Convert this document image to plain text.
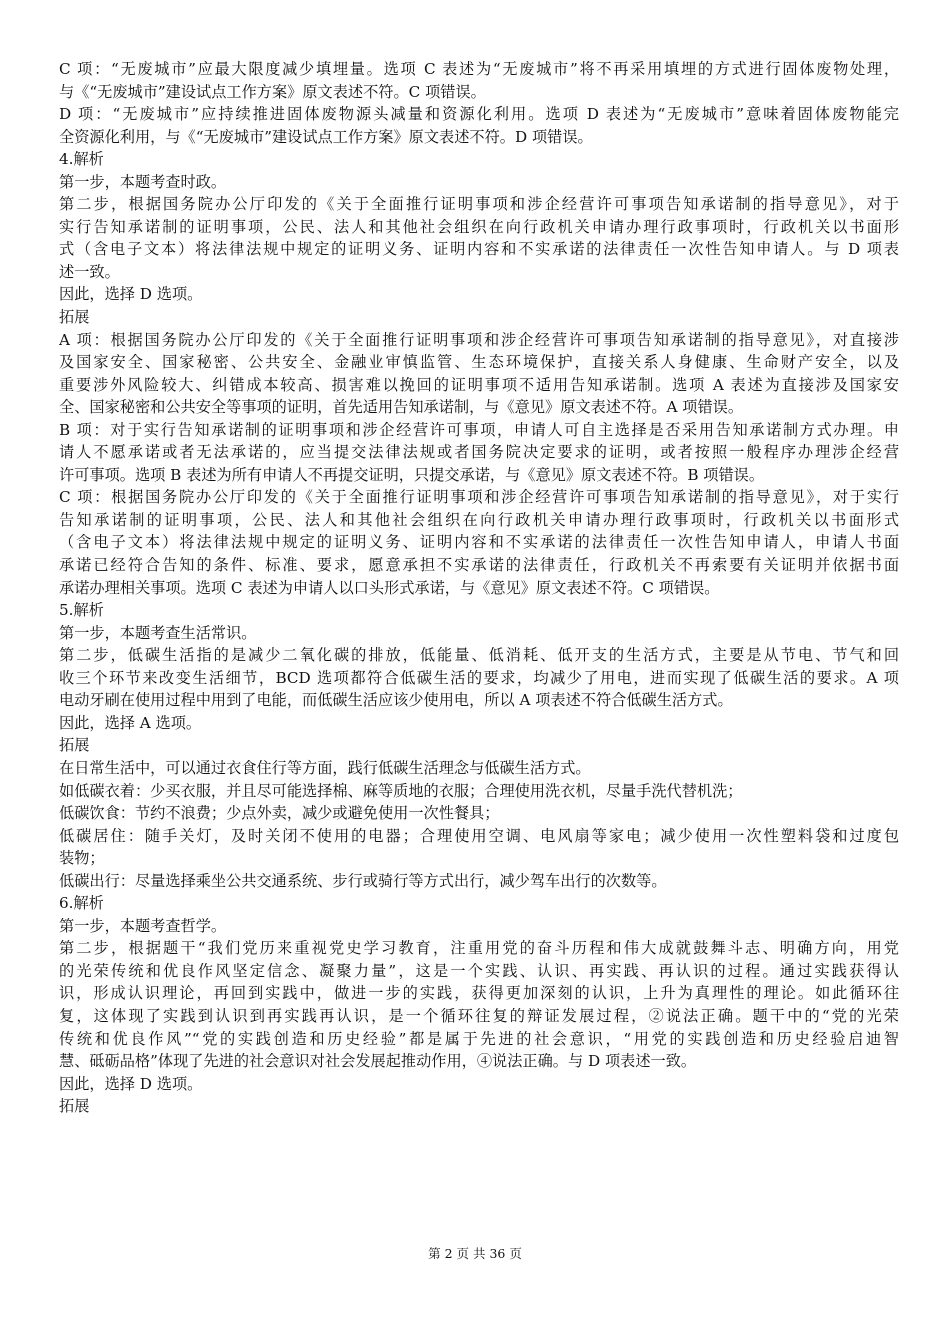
C 项：“无废城市”应最大限度减少填埋量。选项 C 表述为“无废城市”将不再采用填埋的方式进行固体废物处理，

与《“无废城市”建设试点工作方案》原文表述不符。C 项错误。

D 项：“无废城市”应持续推进固体废物源头减量和资源化利用。选项 D 表述为“无废城市”意味着固体废物能完

全资源化利用，与《“无废城市”建设试点工作方案》原文表述不符。D 项错误。

4.解析

第一步，本题考查时政。

第二步，根据国务院办公厅印发的《关于全面推行证明事项和涉企经营许可事项告知承诺制的指导意见》，对于

实行告知承诺制的证明事项，公民、法人和其他社会组织在向行政机关申请办理行政事项时，行政机关以书面形

式（含电子文本）将法律法规中规定的证明义务、证明内容和不实承诺的法律责任一次性告知申请人。与 D 项表

述一致。

因此，选择 D 选项。

拓展

A 项：根据国务院办公厅印发的《关于全面推行证明事项和涉企经营许可事项告知承诺制的指导意见》，对直接涉

及国家安全、国家秘密、公共安全、金融业审慎监管、生态环境保护，直接关系人身健康、生命财产安全，以及

重要涉外风险较大、纠错成本较高、损害难以挽回的证明事项不适用告知承诺制。选项 A 表述为直接涉及国家安

全、国家秘密和公共安全等事项的证明，首先适用告知承诺制，与《意见》原文表述不符。A 项错误。

B 项：对于实行告知承诺制的证明事项和涉企经营许可事项，申请人可自主选择是否采用告知承诺制方式办理。申

请人不愿承诺或者无法承诺的，应当提交法律法规或者国务院决定要求的证明，或者按照一般程序办理涉企经营

许可事项。选项 B 表述为所有申请人不再提交证明，只提交承诺，与《意见》原文表述不符。B 项错误。

C 项：根据国务院办公厅印发的《关于全面推行证明事项和涉企经营许可事项告知承诺制的指导意见》，对于实行

告知承诺制的证明事项，公民、法人和其他社会组织在向行政机关申请办理行政事项时，行政机关以书面形式

（含电子文本）将法律法规中规定的证明义务、证明内容和不实承诺的法律责任一次性告知申请人，申请人书面

承诺已经符合告知的条件、标准、要求，愿意承担不实承诺的法律责任，行政机关不再索要有关证明并依据书面

承诺办理相关事项。选项 C 表述为申请人以口头形式承诺，与《意见》原文表述不符。C 项错误。

5.解析

第一步，本题考查生活常识。

第二步，低碳生活指的是减少二氧化碳的排放，低能量、低消耗、低开支的生活方式，主要是从节电、节气和回

收三个环节来改变生活细节，BCD 选项都符合低碳生活的要求，均减少了用电，进而实现了低碳生活的要求。A 项

电动牙刷在使用过程中用到了电能，而低碳生活应该少使用电，所以 A 项表述不符合低碳生活方式。

因此，选择 A 选项。

拓展

在日常生活中，可以通过衣食住行等方面，践行低碳生活理念与低碳生活方式。

如低碳衣着：少买衣服，并且尽可能选择棉、麻等质地的衣服；合理使用洗衣机，尽量手洗代替机洗；

低碳饮食：节约不浪费；少点外卖，减少或避免使用一次性餐具；

低碳居住：随手关灯，及时关闭不使用的电器；合理使用空调、电风扇等家电；减少使用一次性塑料袋和过度包

装物；

低碳出行：尽量选择乘坐公共交通系统、步行或骑行等方式出行，减少驾车出行的次数等。

6.解析

第一步，本题考查哲学。

第二步，根据题干“我们党历来重视党史学习教育，注重用党的奋斗历程和伟大成就鼓舞斗志、明确方向，用党

的光荣传统和优良作风坚定信念、凝聚力量”，这是一个实践、认识、再实践、再认识的过程。通过实践获得认

识，形成认识理论，再回到实践中，做进一步的实践，获得更加深刻的认识，上升为真理性的理论。如此循环往

复，这体现了实践到认识到再实践再认识，是一个循环往复的辩证发展过程，②说法正确。题干中的“党的光荣

传统和优良作风”“党的实践创造和历史经验”都是属于先进的社会意识，“用党的实践创造和历史经验启迪智

慧、砥砺品格”体现了先进的社会意识对社会发展起推动作用，④说法正确。与 D 项表述一致。

因此，选择 D 选项。

拓展

第 2 页 共 36 页
